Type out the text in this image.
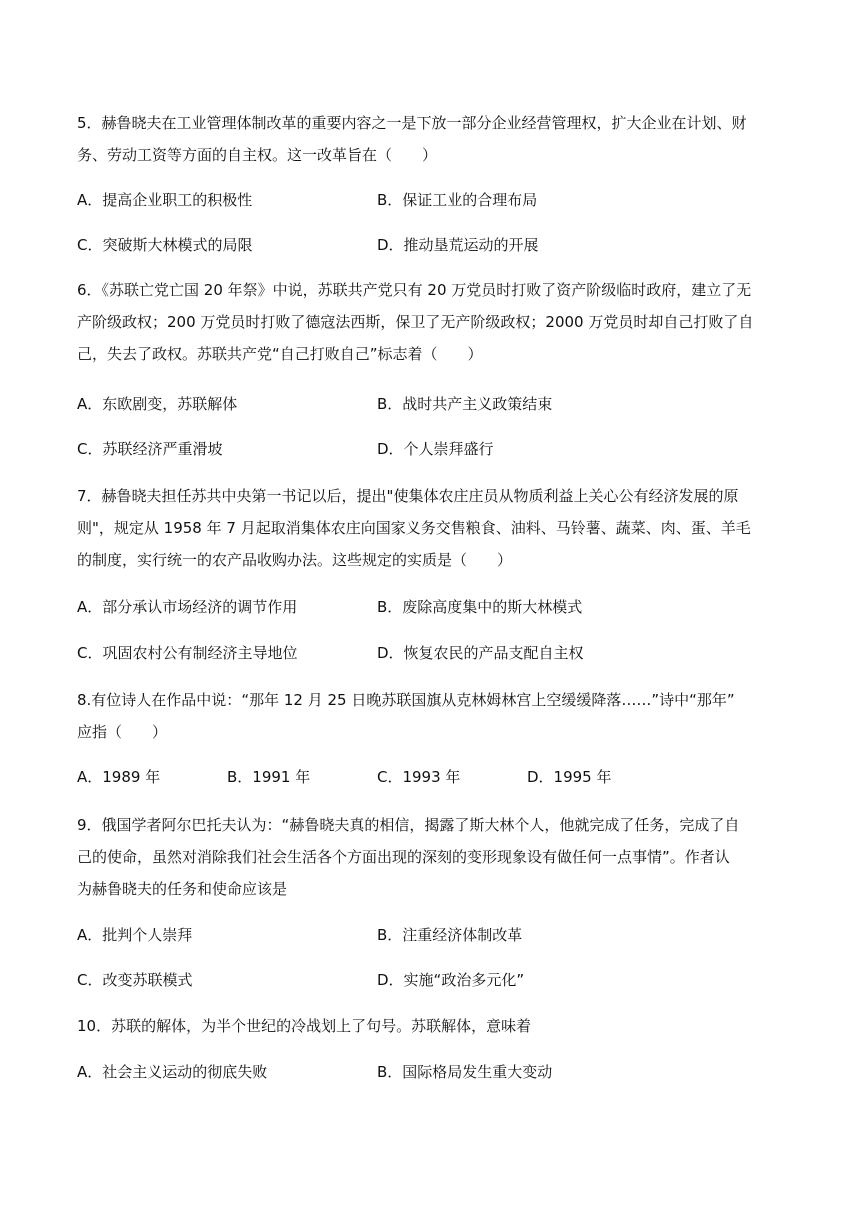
5．赫鲁晓夫在工业管理体制改革的重要内容之一是下放一部分企业经营管理权，扩大企业在计划、财
务、劳动工资等方面的自主权。这一改革旨在（　　）
A．提高企业职工的积极性	B．保证工业的合理布局
C．突破斯大林模式的局限	D．推动垦荒运动的开展
6．《苏联亡党亡国 20 年祭》中说，苏联共产党只有 20 万党员时打败了资产阶级临时政府，建立了无
产阶级政权；200 万党员时打败了德寇法西斯，保卫了无产阶级政权；2000 万党员时却自己打败了自
己，失去了政权。苏联共产党“自己打败自己”标志着（　　）
A．东欧剧变，苏联解体	B．战时共产主义政策结束
C．苏联经济严重滑坡	D．个人崇拜盛行
7．赫鲁晓夫担任苏共中央第一书记以后，提出"使集体农庄庄员从物质利益上关心公有经济发展的原
则"，规定从 1958 年 7 月起取消集体农庄向国家义务交售粮食、油料、马铃薯、蔬菜、肉、蛋、羊毛
的制度，实行统一的农产品收购办法。这些规定的实质是（　　）
A．部分承认市场经济的调节作用	B．废除高度集中的斯大林模式
C．巩固农村公有制经济主导地位	D．恢复农民的产品支配自主权
8.有位诗人在作品中说：“那年 12 月 25 日晚苏联国旗从克林姆林宫上空缓缓降落……”诗中“那年”
应指（　　）
A．1989 年	B．1991 年	C．1993 年	D．1995 年
9．俄国学者阿尔巴托夫认为：“赫鲁晓夫真的相信，揭露了斯大林个人，他就完成了任务，完成了自
己的使命，虽然对消除我们社会生活各个方面出现的深刻的变形现象设有做任何一点事情”。作者认
为赫鲁晓夫的任务和使命应该是
A．批判个人崇拜	B．注重经济体制改革
C．改变苏联模式	D．实施“政治多元化”
10．苏联的解体，为半个世纪的冷战划上了句号。苏联解体，意味着
A．社会主义运动的彻底失败	B．国际格局发生重大变动
